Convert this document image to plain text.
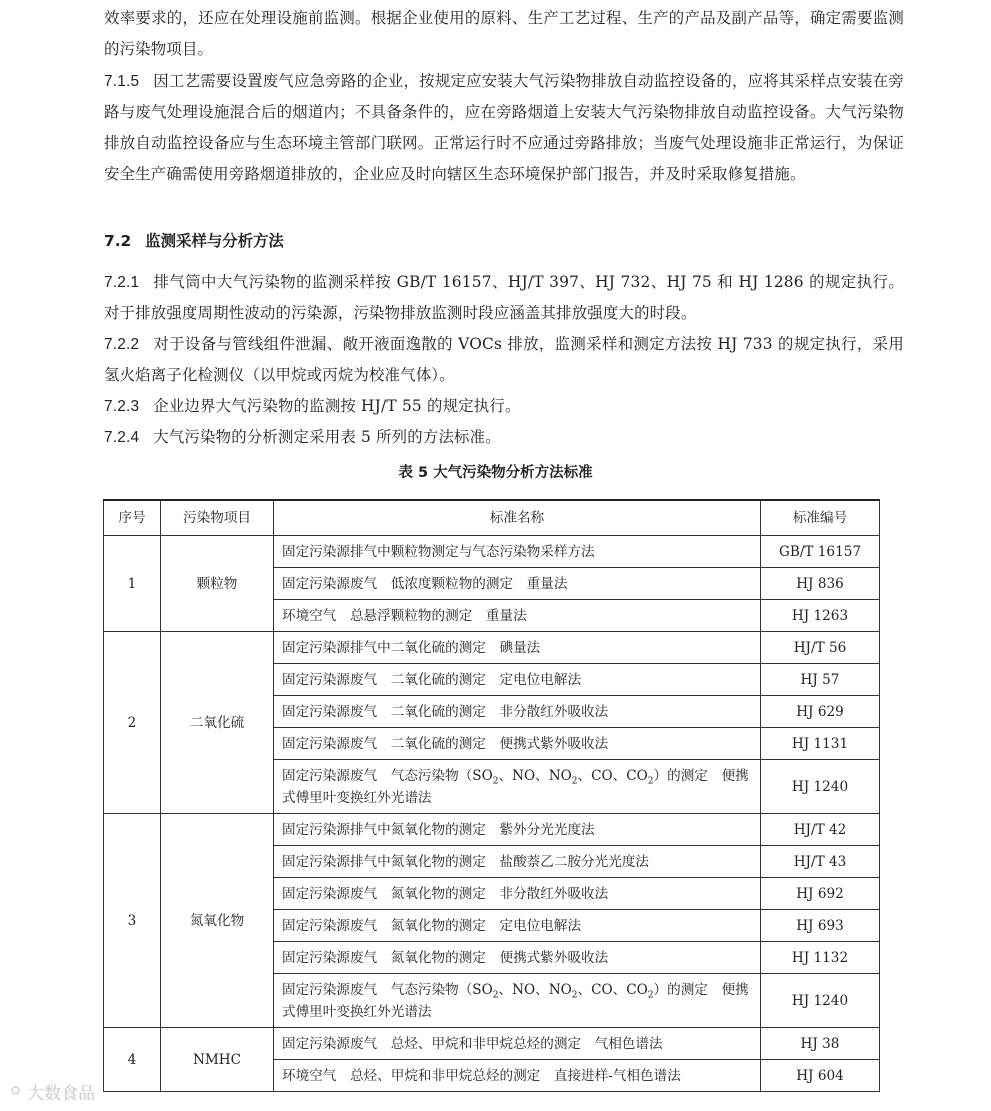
效率要求的，还应在处理设施前监测。根据企业使用的原料、生产工艺过程、生产的产品及副产品等，确定需要监测的污染物项目。

7.1.5 因工艺需要设置废气应急旁路的企业，按规定应安装大气污染物排放自动监控设备的，应将其采样点安装在旁路与废气处理设施混合后的烟道内；不具备条件的，应在旁路烟道上安装大气污染物排放自动监控设备。大气污染物排放自动监控设备应与生态环境主管部门联网。正常运行时不应通过旁路排放；当废气处理设施非正常运行，为保证安全生产确需使用旁路烟道排放的，企业应及时向辖区生态环境保护部门报告，并及时采取修复措施。

7.2 监测采样与分析方法

7.2.1 排气筒中大气污染物的监测采样按 GB/T 16157、HJ/T 397、HJ 732、HJ 75 和 HJ 1286 的规定执行。对于排放强度周期性波动的污染源，污染物排放监测时段应涵盖其排放强度大的时段。

7.2.2 对于设备与管线组件泄漏、敞开液面逸散的 VOCs 排放，监测采样和测定方法按 HJ 733 的规定执行，采用氢火焰离子化检测仪（以甲烷或丙烷为校准气体）。

7.2.3 企业边界大气污染物的监测按 HJ/T 55 的规定执行。

7.2.4 大气污染物的分析测定采用表 5 所列的方法标准。

表 5 大气污染物分析方法标准

序号	污染物项目	标准名称	标准编号
1	颗粒物	固定污染源排气中颗粒物测定与气态污染物采样方法	GB/T 16157
		固定污染源废气　低浓度颗粒物的测定　重量法	HJ 836
		环境空气　总悬浮颗粒物的测定　重量法	HJ 1263
2	二氧化硫	固定污染源排气中二氧化硫的测定　碘量法	HJ/T 56
		固定污染源废气　二氧化硫的测定　定电位电解法	HJ 57
		固定污染源废气　二氧化硫的测定　非分散红外吸收法	HJ 629
		固定污染源废气　二氧化硫的测定　便携式紫外吸收法	HJ 1131
		固定污染源废气　气态污染物（$SO_2$、NO、$NO_2$、CO、$CO_2$）的测定　便携式傅里叶变换红外光谱法	HJ 1240
3	氮氧化物	固定污染源排气中氮氧化物的测定　紫外分光光度法	HJ/T 42
		固定污染源排气中氮氧化物的测定　盐酸萘乙二胺分光光度法	HJ/T 43
		固定污染源废气　氮氧化物的测定　非分散红外吸收法	HJ 692
		固定污染源废气　氮氧化物的测定　定电位电解法	HJ 693
		固定污染源废气　氮氧化物的测定　便携式紫外吸收法	HJ 1132
		固定污染源废气　气态污染物（$SO_2$、NO、$NO_2$、CO、$CO_2$）的测定　便携式傅里叶变换红外光谱法	HJ 1240
4	NMHC	固定污染源废气　总烃、甲烷和非甲烷总烃的测定　气相色谱法	HJ 38
		环境空气　总烃、甲烷和非甲烷总烃的测定　直接进样-气相色谱法	HJ 604
⚪ 大数食品
